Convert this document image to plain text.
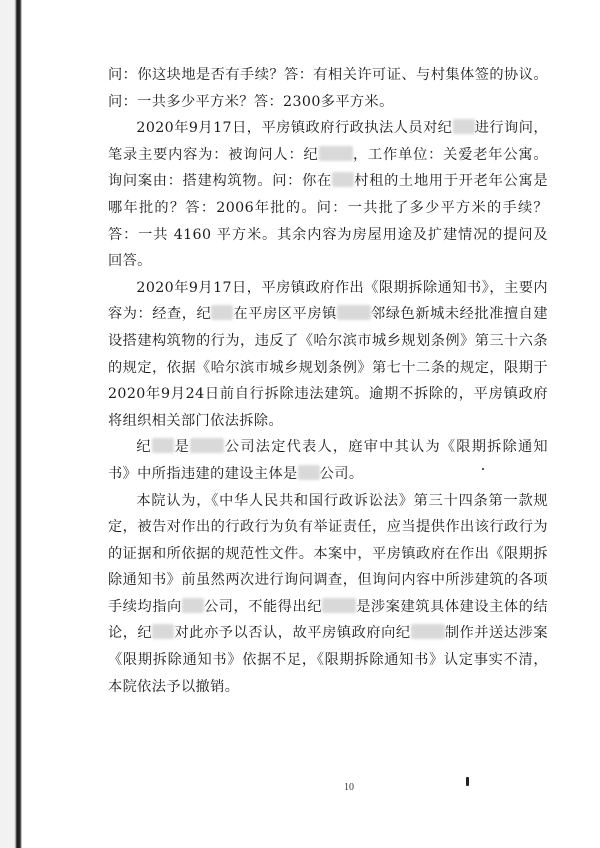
问：你这块地是否有手续？答：有相关许可证、与村集体签的协议。问：一共多少平方米？答：2300多平方米。

2020年9月17日，平房镇政府行政执法人员对纪 进行询问，笔录主要内容为：被询问人：纪 ，工作单位：关爱老年公寓。询问案由：搭建构筑物。问：你在 村租的土地用于开老年公寓是哪年批的？答：2006年批的。问：一共批了多少平方米的手续？答：一共 4160 平方米。其余内容为房屋用途及扩建情况的提问及回答。

2020年9月17日，平房镇政府作出《限期拆除通知书》，主要内容为：经查，纪 在平房区平房镇 邻绿色新城未经批准擅自建设搭建构筑物的行为，违反了《哈尔滨市城乡规划条例》第三十六条的规定，依据《哈尔滨市城乡规划条例》第七十二条的规定，限期于2020年9月24日前自行拆除违法建筑。逾期不拆除的，平房镇政府将组织相关部门依法拆除。

纪 是 公司法定代表人，庭审中其认为《限期拆除通知书》中所指违建的建设主体是 公司。

本院认为，《中华人民共和国行政诉讼法》第三十四条第一款规定，被告对作出的行政行为负有举证责任，应当提供作出该行政行为的证据和所依据的规范性文件。本案中，平房镇政府在作出《限期拆除通知书》前虽然两次进行询问调查，但询问内容中所涉建筑的各项手续均指向 公司，不能得出纪 是涉案建筑具体建设主体的结论，纪 对此亦予以否认，故平房镇政府向纪 制作并送达涉案《限期拆除通知书》依据不足，《限期拆除通知书》认定事实不清，本院依法予以撤销。

10
